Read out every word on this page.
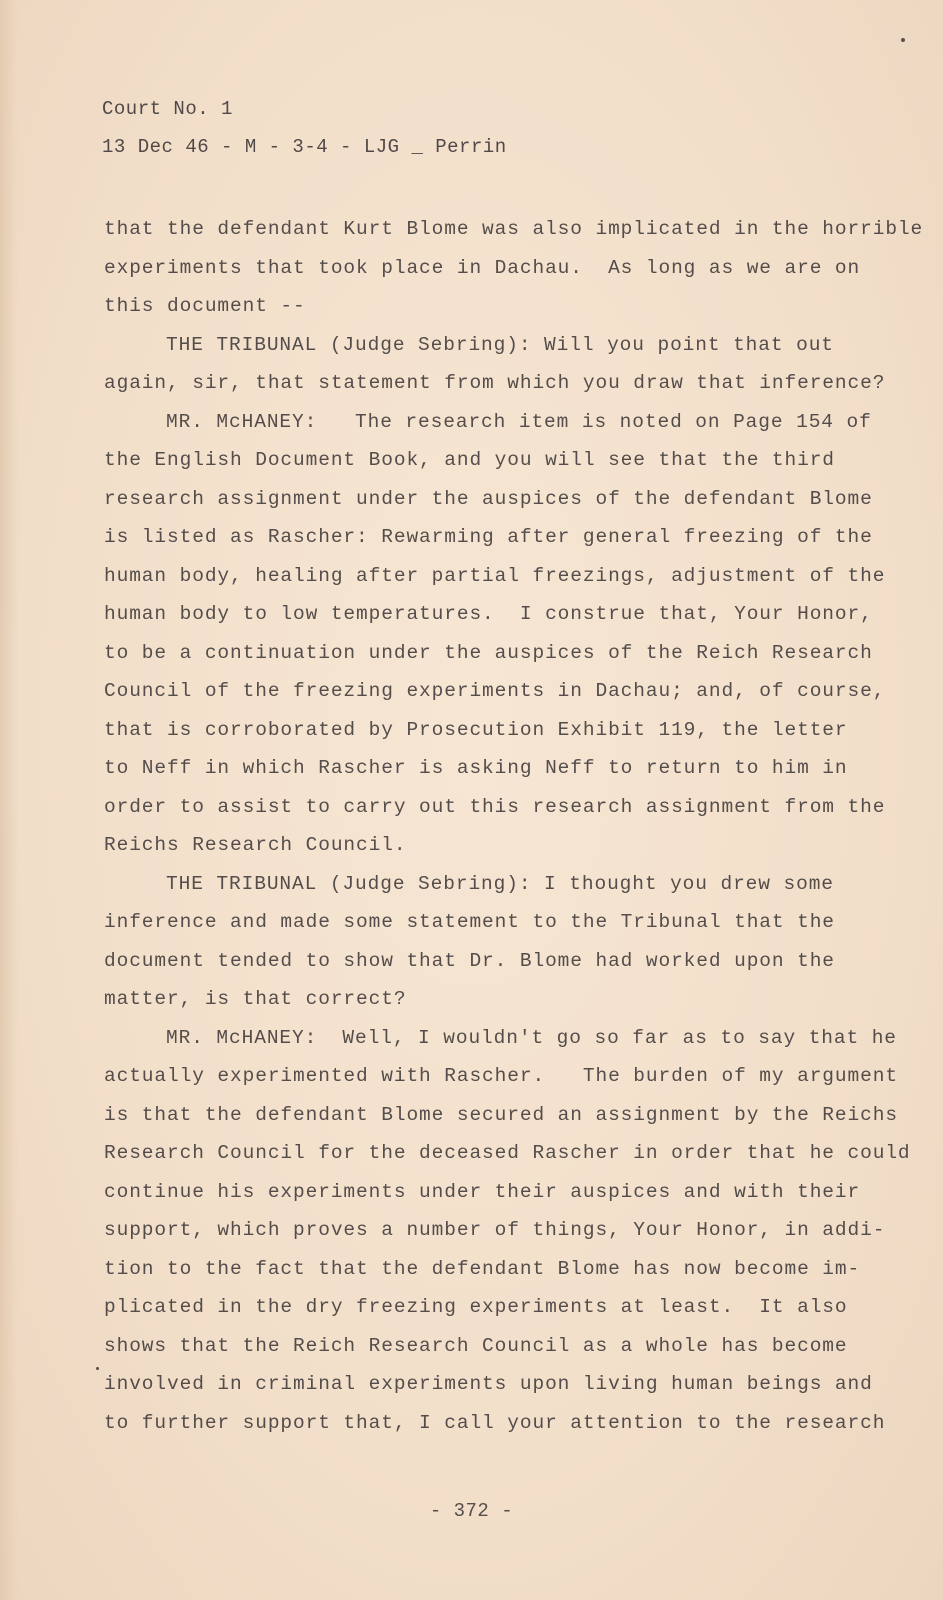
Court No. 1
13 Dec 46 - M - 3-4 - LJG _ Perrin
that the defendant Kurt Blome was also implicated in the horrible
experiments that took place in Dachau.  As long as we are on
this document --
THE TRIBUNAL (Judge Sebring): Will you point that out
again, sir, that statement from which you draw that inference?
MR. McHANEY:   The research item is noted on Page 154 of
the English Document Book, and you will see that the third
research assignment under the auspices of the defendant Blome
is listed as Rascher: Rewarming after general freezing of the
human body, healing after partial freezings, adjustment of the
human body to low temperatures.  I construe that, Your Honor,
to be a continuation under the auspices of the Reich Research
Council of the freezing experiments in Dachau; and, of course,
that is corroborated by Prosecution Exhibit 119, the letter
to Neff in which Rascher is asking Neff to return to him in
order to assist to carry out this research assignment from the
Reichs Research Council.
THE TRIBUNAL (Judge Sebring): I thought you drew some
inference and made some statement to the Tribunal that the
document tended to show that Dr. Blome had worked upon the
matter, is that correct?
MR. McHANEY:  Well, I wouldn't go so far as to say that he
actually experimented with Rascher.   The burden of my argument
is that the defendant Blome secured an assignment by the Reichs
Research Council for the deceased Rascher in order that he could
continue his experiments under their auspices and with their
support, which proves a number of things, Your Honor, in addi-
tion to the fact that the defendant Blome has now become im-
plicated in the dry freezing experiments at least.  It also
shows that the Reich Research Council as a whole has become
involved in criminal experiments upon living human beings and
to further support that, I call your attention to the research
- 372 -
